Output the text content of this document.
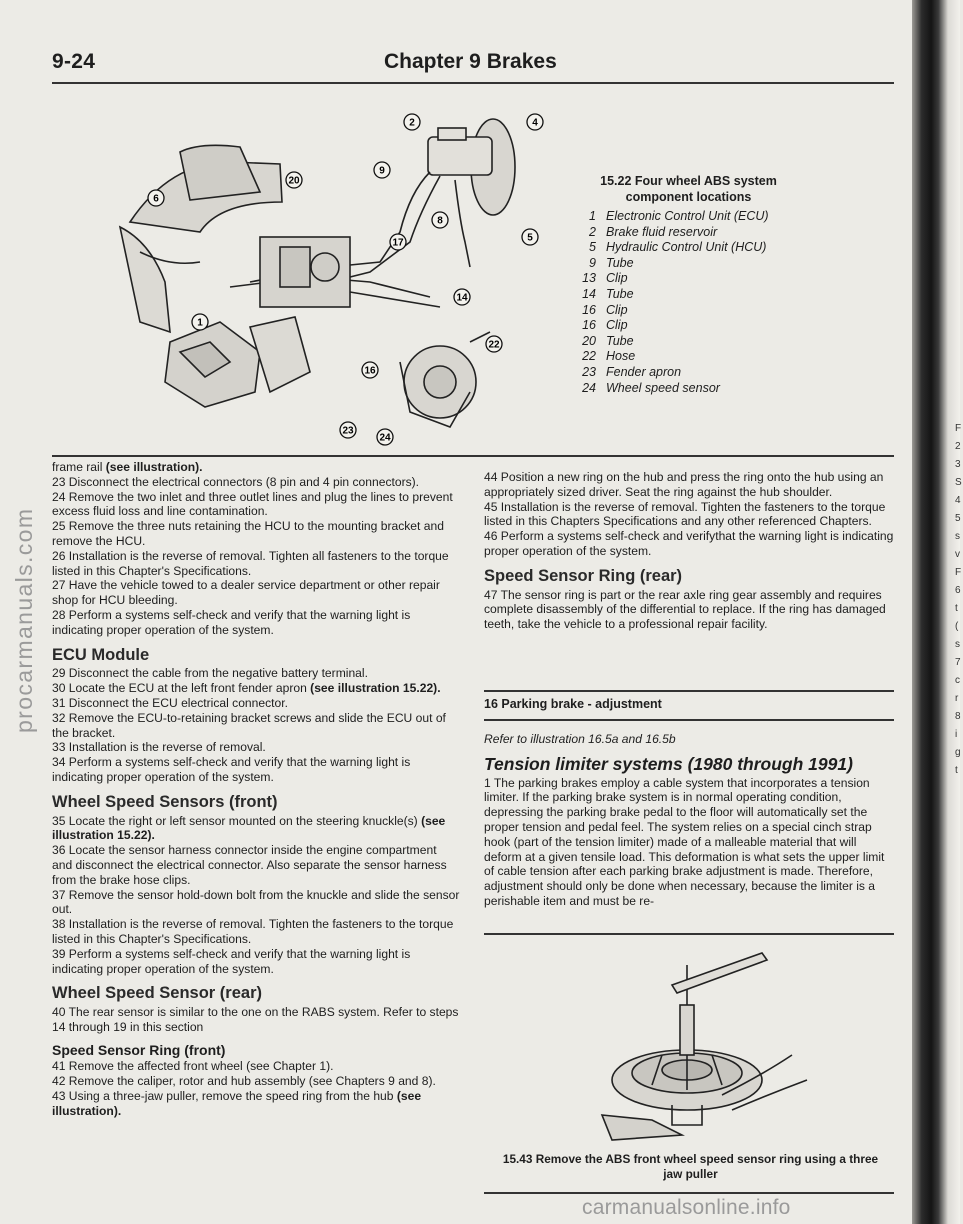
F
2
3
S
4
5
s
v
F
6
t
(
s
7
c
r
8
i
g
t
9-24	Chapter 9 Brakes
2	4
9
6
20
8
17	5
1
14
22
16
23
24
15.22 Four wheel ABS system component locations
1 Electronic Control Unit (ECU)
2 Brake fluid reservoir
5 Hydraulic Control Unit (HCU)
9 Tube
13 Clip
14 Tube
16 Clip
16 Clip
20 Tube
22 Hose
23 Fender apron
24 Wheel speed sensor

frame rail (see illustration).

23 Disconnect the electrical connectors (8 pin and 4 pin connectors).

24 Remove the two inlet and three outlet lines and plug the lines to prevent excess fluid loss and line contamination.

25 Remove the three nuts retaining the HCU to the mounting bracket and remove the HCU.

26 Installation is the reverse of removal. Tighten all fasteners to the torque listed in this Chapter's Specifications.

27 Have the vehicle towed to a dealer service department or other repair shop for HCU bleeding.

28 Perform a systems self-check and verify that the warning light is indicating proper operation of the system.

ECU Module

29 Disconnect the cable from the negative battery terminal.

30 Locate the ECU at the left front fender apron (see illustration 15.22).

31 Disconnect the ECU electrical connector.

32 Remove the ECU-to-retaining bracket screws and slide the ECU out of the bracket.

33 Installation is the reverse of removal.

34 Perform a systems self-check and verify that the warning light is indicating proper operation of the system.

Wheel Speed Sensors (front)

35 Locate the right or left sensor mounted on the steering knuckle(s) (see illustration 15.22).

36 Locate the sensor harness connector inside the engine compartment and disconnect the electrical connector. Also separate the sensor harness from the brake hose clips.

37 Remove the sensor hold-down bolt from the knuckle and slide the sensor out.

38 Installation is the reverse of removal. Tighten the fasteners to the torque listed in this Chapter's Specifications.

39 Perform a systems self-check and verify that the warning light is indicating proper operation of the system.

Wheel Speed Sensor (rear)

40 The rear sensor is similar to the one on the RABS system. Refer to steps 14 through 19 in this section

Speed Sensor Ring (front)

41 Remove the affected front wheel (see Chapter 1).

42 Remove the caliper, rotor and hub assembly (see Chapters 9 and 8).

43 Using a three-jaw puller, remove the speed ring from the hub (see illustration).

44 Position a new ring on the hub and press the ring onto the hub using an appropriately sized driver. Seat the ring against the hub shoulder.

45 Installation is the reverse of removal. Tighten the fasteners to the torque listed in this Chapters Specifications and any other referenced Chapters.

46 Perform a systems self-check and verifythat the warning light is indicating proper operation of the system.

Speed Sensor Ring (rear)

47 The sensor ring is part or the rear axle ring gear assembly and requires complete disassembly of the differential to replace. If the ring has damaged teeth, take the vehicle to a professional repair facility.

16 Parking brake - adjustment

Refer to illustration 16.5a and 16.5b

Tension limiter systems (1980 through 1991)

1 The parking brakes employ a cable system that incorporates a tension limiter. If the parking brake system is in normal operating condition, depressing the parking brake pedal to the floor will automatically set the proper tension and pedal feel. The system relies on a special cinch strap hook (part of the tension limiter) made of a malleable material that will deform at a given tensile load. This deformation is what sets the upper limit of cable tension after each parking brake adjustment is made. Therefore, adjustment should only be done when necessary, because the limiter is a perishable item and must be re-

15.43 Remove the ABS front wheel speed sensor ring using a three jaw puller
procarmanuals.com
carmanualsonline.info
